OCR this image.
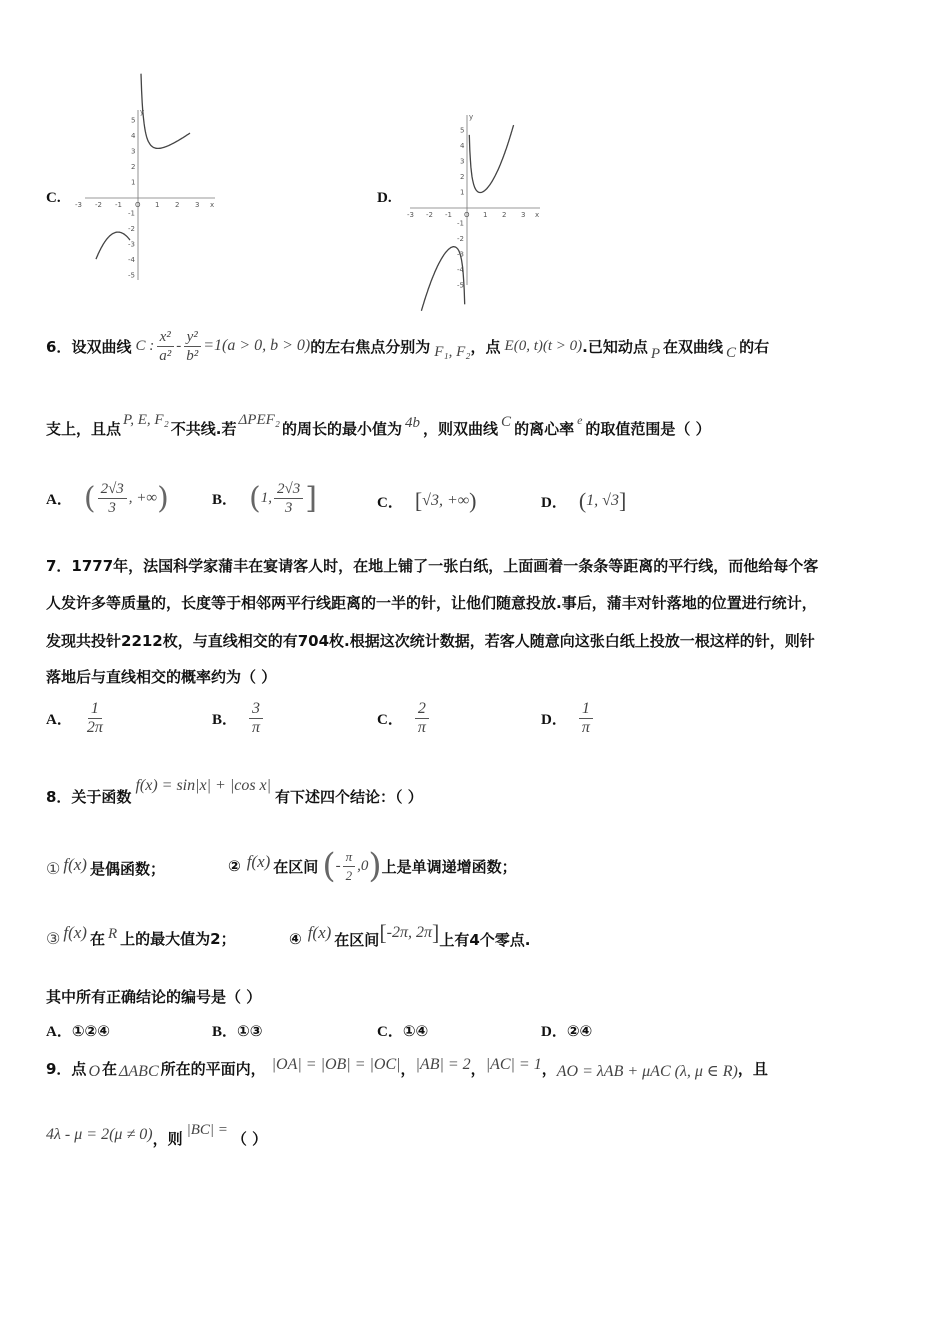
C. -3 -2 -1 O 1 2 3 x
y
1
2
3
4
5
-1
-2
-3
-4
-5
D.
-3 -2 -1 O 1 2 3 x
y
1
2
3
4
5
-1
-2
-3
-4
-5
6． 设双曲线 C : $\frac{\text{x²}}{\text{a²}} - \frac{\text{y²}}{\text{b²}} =1(a > 0$, b > 0) 的左右焦点分别为 F₁, F₂ ，点 E(0, t)(t > 0) .已知动点 P 在双曲线 C 的右
支上，且点 P, E, F₂ 不共线.若 ΔPEF₂ 的周长的最小值为 4b ，则双曲线 C 的离心率 e 的取值范围是（ ）
A． ( $\frac{2√3}{3}$ , +∞ )	B． ( 1, $\frac{2√3}{3}$ ]	C． [ √3, +∞ )	D． ( 1, √3 ]
7．1777年，法国科学家蒲丰在宴请客人时，在地上铺了一张白纸，上面画着一条条等距离的平行线，而他给每个客
人发许多等质量的，长度等于相邻两平行线距离的一半的针，让他们随意投放.事后，蒲丰对针落地的位置进行统计，
发现共投针2212枚，与直线相交的有704枚.根据这次统计数据，若客人随意向这张白纸上投放一根这样的针，则针
落地后与直线相交的概率约为（ ）
A． $\frac{1}{2\pi}$	B． $\frac{3}{\pi}$	C． $\frac{2}{\pi}$	D． $\frac{1}{\pi}$
8．关于函数
f(x) = sin|x| + |cos x|
有下述四个结论：（ ）
① f(x) 是偶函数；	② f(x) 在区间 ( - $\frac{\pi}{2} ,0$ ) 上是单调递增函数；
③ f(x) 在 R 上的最大值为2；	④ f(x) 在区间 [ -2π, 2π ] 上有4个零点.
其中所有正确结论的编号是（ ）
A．①②④	B．①③	C．①④	D．②④
9．点 O 在 ΔABC 所在的平面内， |OA| = |OB| = |OC| ， |AB| = 2 ， |AC| = 1 ， AO = λAB + μAC (λ, μ ∈ R) ，且
4λ - μ = 2(μ ≠ 0) ，则 |BC| = （ ）
